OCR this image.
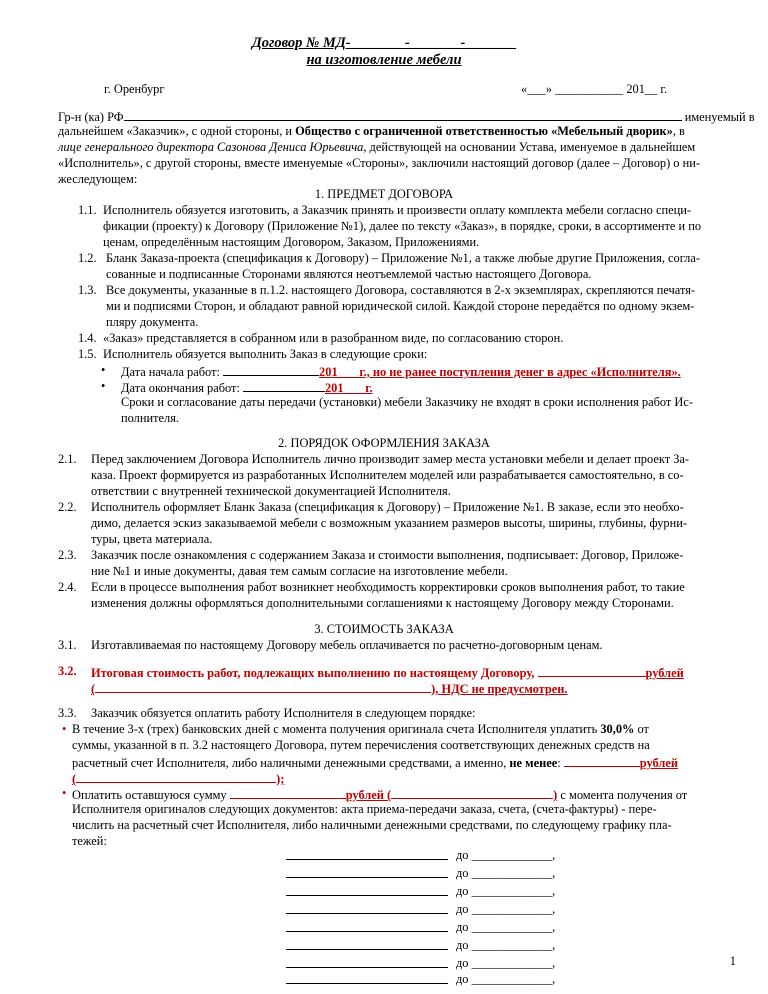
Договор № МД-_______ -_______-_______
на изготовление мебели
г. Оренбург	«___» ___________ 201__ г.
Гр-н (ка) РФ	именуемый в
дальнейшем «Заказчик», с одной стороны, и Общество с ограниченной ответственностью «Мебельный дворик», в
лице генерального директора Сазонова Дениса Юрьевича, действующей на основании Устава, именуемое в дальнейшем
«Исполнитель», с другой стороны, вместе именуемые «Стороны», заключили настоящий договор (далее – Договор) о ни-
жеследующем:
1. ПРЕДМЕТ ДОГОВОРА
1.1. Исполнитель обязуется изготовить, а Заказчик принять и произвести оплату комплекта мебели согласно специ-
фикации (проекту) к Договору (Приложение №1), далее по тексту «Заказ», в порядке, сроки, в ассортименте и по
ценам, определённым настоящим Договором, Заказом, Приложениями.
1.2. Бланк Заказа-проекта (спецификация к Договору) – Приложение №1, а также любые другие Приложения, согла-
сованные и подписанные Сторонами являются неотъемлемой частью настоящего Договора.
1.3. Все документы, указанные в п.1.2. настоящего Договора, составляются в 2-х экземплярах, скрепляются печатя-
ми и подписями Сторон, и обладают равной юридической силой. Каждой стороне передаётся по одному экзем-
пляру документа.
1.4. «Заказ» представляется в собранном или в разобранном виде, по согласованию сторон.
1.5. Исполнитель обязуется выполнить Заказ в следующие сроки:
• Дата начала работ:	201___ г., но не ранее поступления денег в адрес «Исполнителя».
• Дата окончания работ:	201___ г.
Сроки и согласование даты передачи (установки) мебели Заказчику не входят в сроки исполнения работ Ис-
полнителя.
2. ПОРЯДОК ОФОРМЛЕНИЯ ЗАКАЗА
2.1. Перед заключением Договора Исполнитель лично производит замер места установки мебели и делает проект За-
каза. Проект формируется из разработанных Исполнителем моделей или разрабатывается самостоятельно, в со-
ответствии с внутренней технической документацией Исполнителя.
2.2. Исполнитель оформляет Бланк Заказа (спецификация к Договору) – Приложение №1. В заказе, если это необхо-
димо, делается эскиз заказываемой мебели с возможным указанием размеров высоты, ширины, глубины, фурни-
туры, цвета материала.
2.3. Заказчик после ознакомления с содержанием Заказа и стоимости выполнения, подписывает: Договор, Приложе-
ние №1 и иные документы, давая тем самым согласие на изготовление мебели.
2.4. Если в процессе выполнения работ возникнет необходимость корректировки сроков выполнения работ, то такие
изменения должны оформляться дополнительными соглашениями к настоящему Договору между Сторонами.
3. СТОИМОСТЬ ЗАКАЗА
3.1. Изготавливаемая по настоящему Договору мебель оплачивается по расчетно-договорным ценам.
3.2. Итоговая стоимость работ, подлежащих выполнению по настоящему Договору,	рублей
(	), НДС не предусмотрен.
3.3. Заказчик обязуется оплатить работу Исполнителя в следующем порядке:
• В течение 3-х (трех) банковских дней с момента получения оригинала счета Исполнителя уплатить 30,0% от
суммы, указанной в п. 3.2 настоящего Договора, путем перечисления соответствующих денежных средств на
расчетный счет Исполнителя, либо наличными денежными средствами, а именно, не менее:	рублей
(	);
• Оплатить оставшуюся сумму	рублей (	) с момента получения от
Исполнителя оригиналов следующих документов: акта приема-передачи заказа, счета, (счета-фактуры) - пере-
числить на расчетный счет Исполнителя, либо наличными денежными средствами, по следующему графику пла-
тежей:
до _____________,
до _____________,
до _____________,
до _____________,
до _____________,
до _____________,
до _____________,
до _____________,
1
